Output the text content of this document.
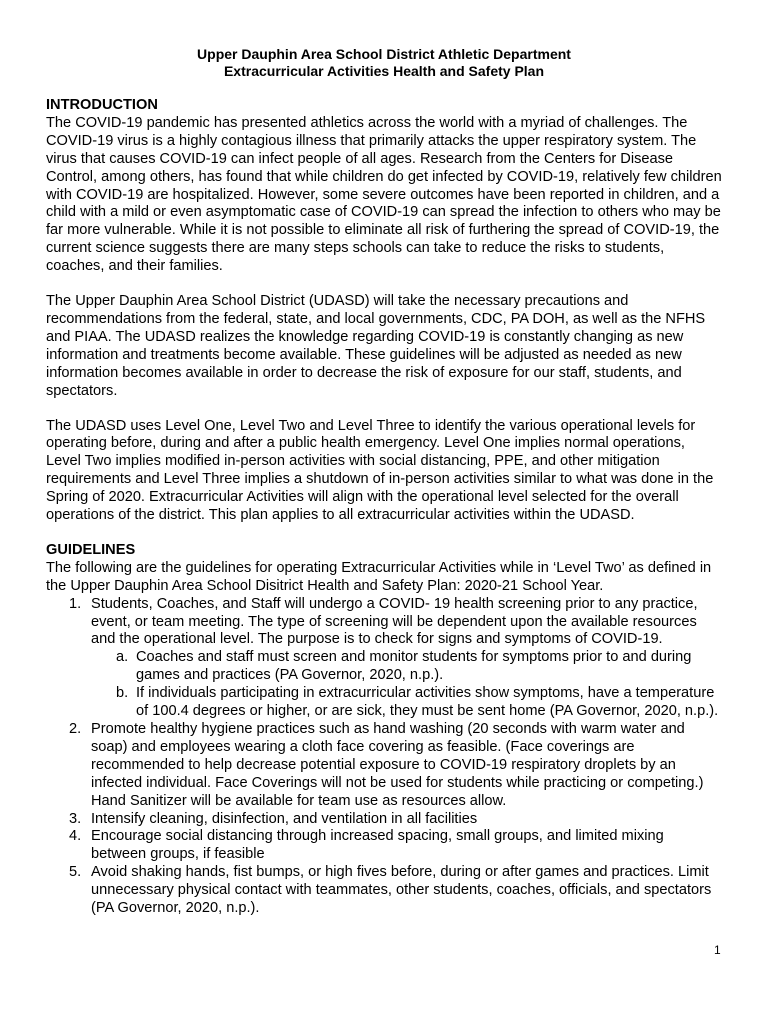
Upper Dauphin Area School District Athletic Department
Extracurricular Activities Health and Safety Plan
INTRODUCTION

The COVID-19 pandemic has presented athletics across the world with a myriad of challenges. The COVID-19 virus is a highly contagious illness that primarily attacks the upper respiratory system. The virus that causes COVID-19 can infect people of all ages. Research from the Centers for Disease Control, among others, has found that while children do get infected by COVID-19, relatively few children with COVID-19 are hospitalized. However, some severe outcomes have been reported in children, and a child with a mild or even asymptomatic case of COVID-19 can spread the infection to others who may be far more vulnerable. While it is not possible to eliminate all risk of furthering the spread of COVID-19, the current science suggests there are many steps schools can take to reduce the risks to students, coaches, and their families.

The Upper Dauphin Area School District (UDASD) will take the necessary precautions and recommendations from the federal, state, and local governments, CDC, PA DOH, as well as the NFHS and PIAA. The UDASD realizes the knowledge regarding COVID-19 is constantly changing as new information and treatments become available. These guidelines will be adjusted as needed as new information becomes available in order to decrease the risk of exposure for our staff, students, and spectators.

The UDASD uses Level One, Level Two and Level Three to identify the various operational levels for operating before, during and after a public health emergency. Level One implies normal operations, Level Two implies modified in-person activities with social distancing, PPE, and other mitigation requirements and Level Three implies a shutdown of in-person activities similar to what was done in the Spring of 2020. Extracurricular Activities will align with the operational level selected for the overall operations of the district. This plan applies to all extracurricular activities within the UDASD.

GUIDELINES

The following are the guidelines for operating Extracurricular Activities while in ‘Level Two’ as defined in the Upper Dauphin Area School Disitrict Health and Safety Plan: 2020-21 School Year.

1. Students, Coaches, and Staff will undergo a COVID- 19 health screening prior to any practice, event, or team meeting. The type of screening will be dependent upon the available resources and the operational level. The purpose is to check for signs and symptoms of COVID-19.
a. Coaches and staff must screen and monitor students for symptoms prior to and during games and practices (PA Governor, 2020, n.p.).
b. If individuals participating in extracurricular activities show symptoms, have a temperature of 100.4 degrees or higher, or are sick, they must be sent home (PA Governor, 2020, n.p.).
2. Promote healthy hygiene practices such as hand washing (20 seconds with warm water and soap) and employees wearing a cloth face covering as feasible. (Face coverings are recommended to help decrease potential exposure to COVID-19 respiratory droplets by an infected individual. Face Coverings will not be used for students while practicing or competing.) Hand Sanitizer will be available for team use as resources allow.
3. Intensify cleaning, disinfection, and ventilation in all facilities
4. Encourage social distancing through increased spacing, small groups, and limited mixing between groups, if feasible
5. Avoid shaking hands, fist bumps, or high fives before, during or after games and practices. Limit unnecessary physical contact with teammates, other students, coaches, officials, and spectators (PA Governor, 2020, n.p.).
1
